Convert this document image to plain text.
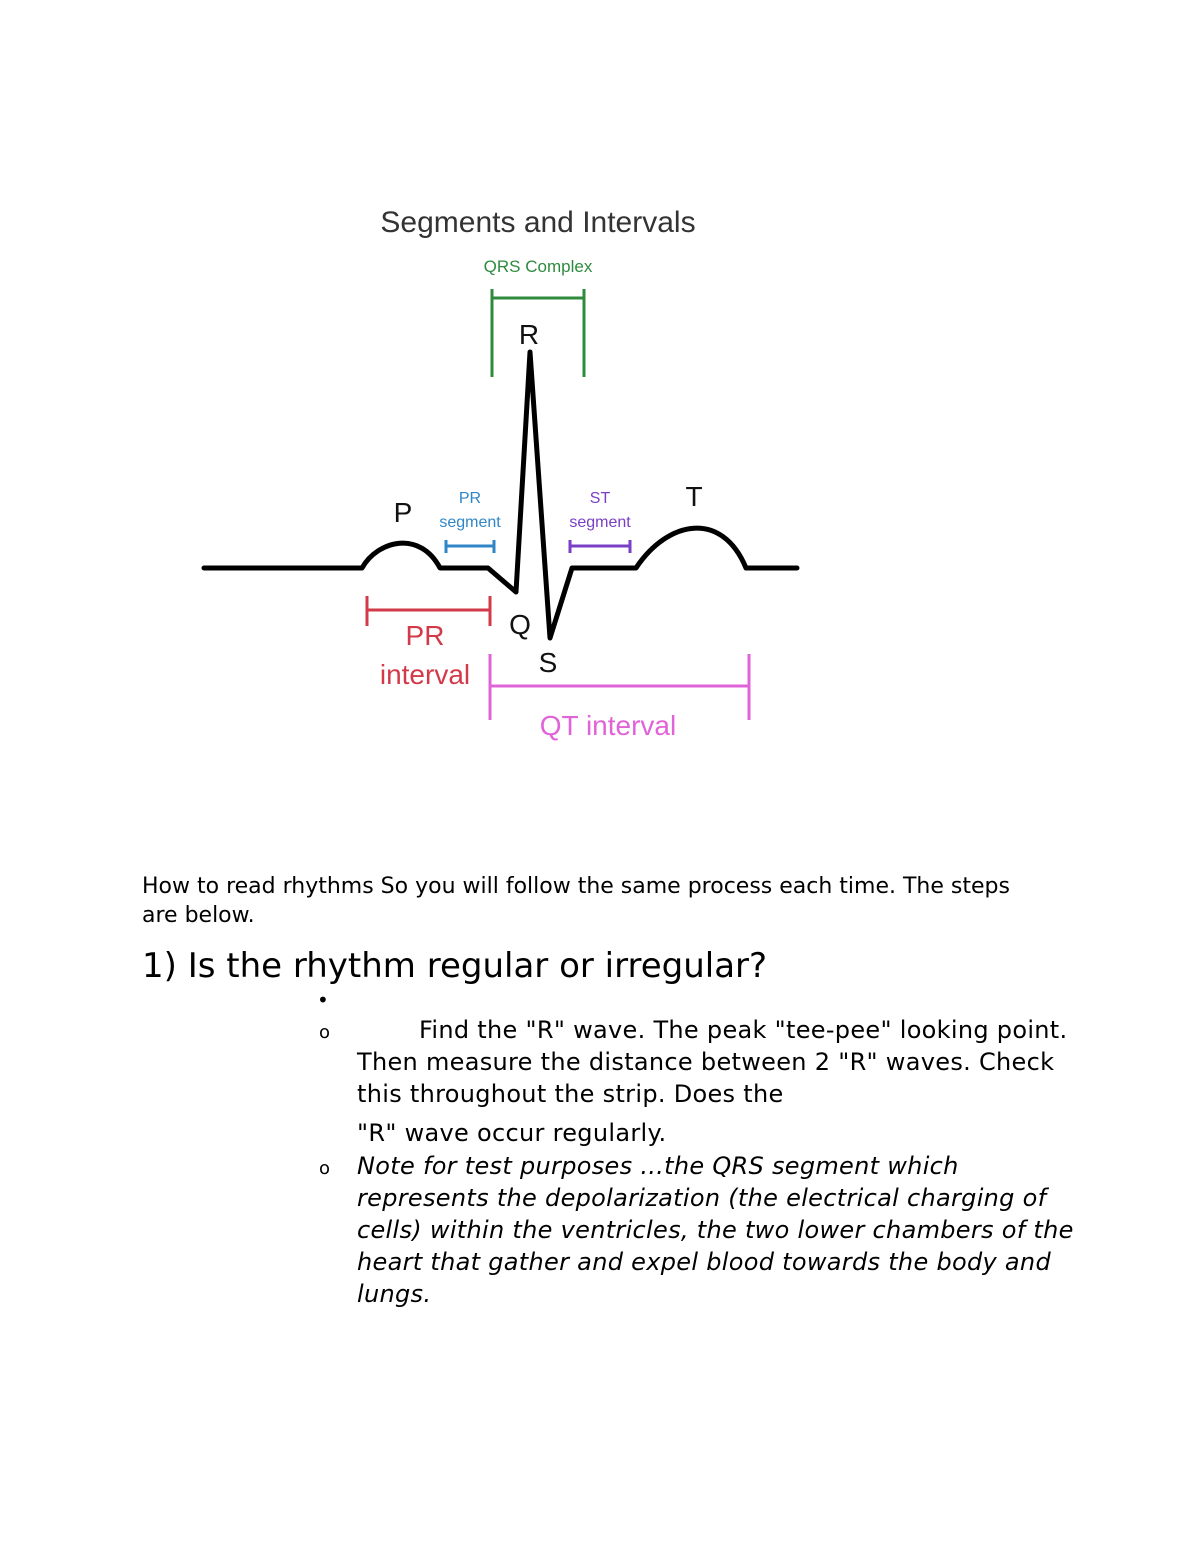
Segments and Intervals
QRS Complex
P
R
Q
S
T
PR
segment
ST
segment
PR
interval
QT interval

How to read rhythms So you will follow the same process each time. The steps are below.

1) Is the rhythm regular or irregular?
•
o	Find the "R" wave. The peak "tee-pee" looking point. Then measure the distance between 2 "R" waves. Check this throughout the strip. Does the
"R" wave occur regularly.

o Note for test purposes ...the QRS segment which represents the depolarization (the electrical charging of cells) within the ventricles, the two lower chambers of the heart that gather and expel blood towards the body and lungs.
